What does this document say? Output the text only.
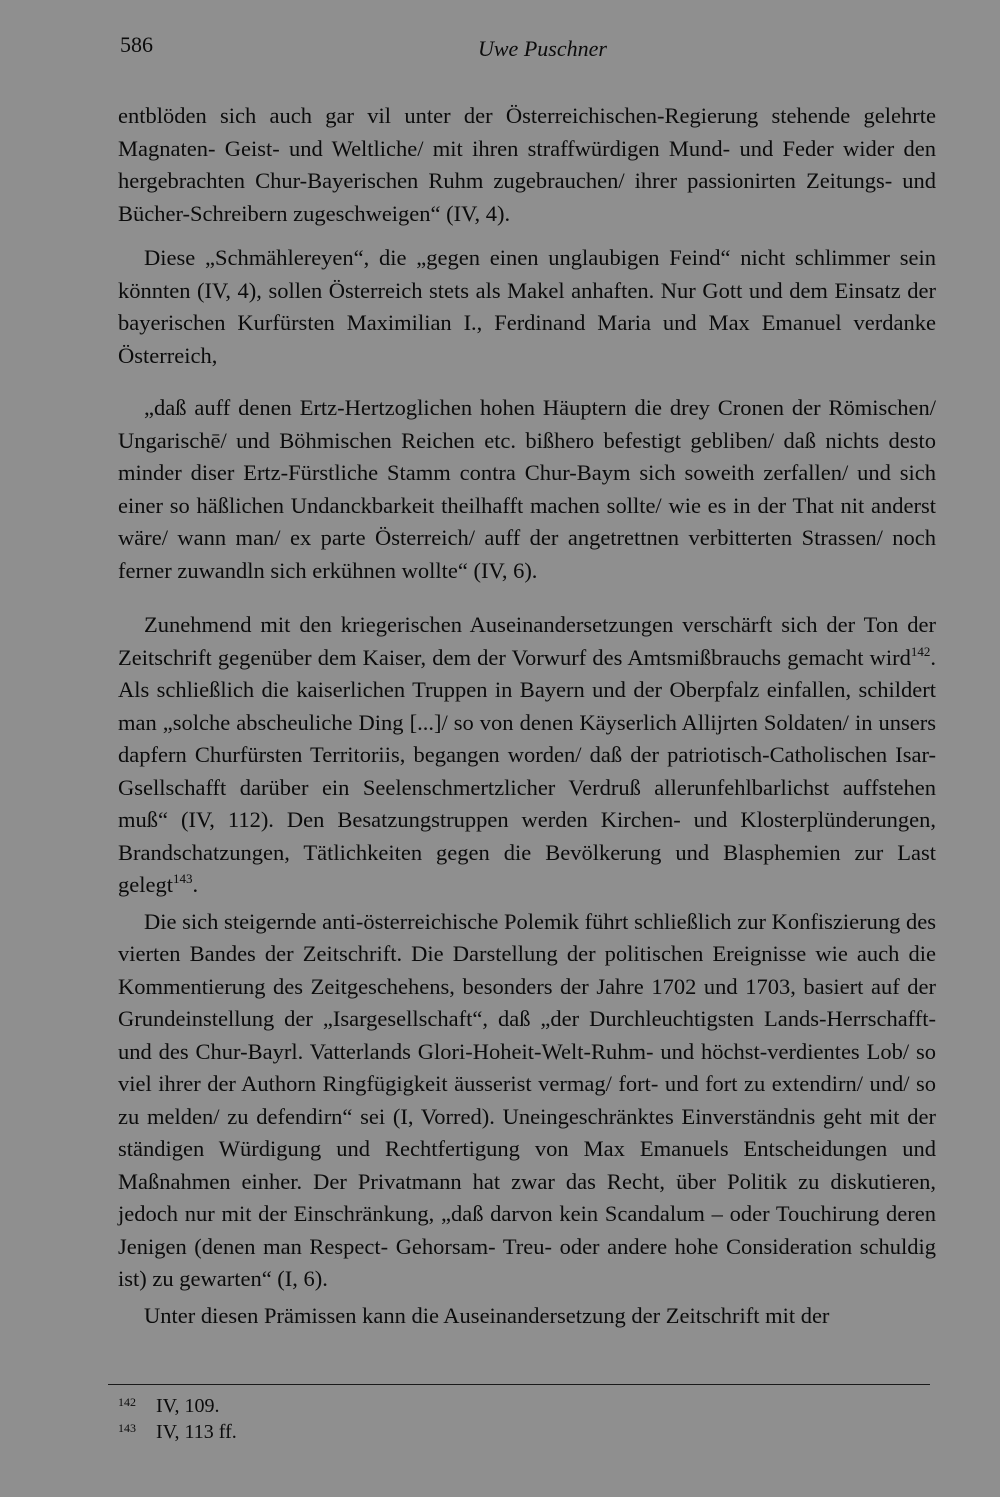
586	Uwe Puschner

entblöden sich auch gar vil unter der Österreichischen-Regierung stehende gelehrte Magnaten- Geist- und Weltliche/ mit ihren straffwürdigen Mund- und Feder wider den hergebrachten Chur-Bayerischen Ruhm zugebrauchen/ ihrer passionirten Zeitungs- und Bücher-Schreibern zugeschweigen“ (IV, 4).

Diese „Schmählereyen“, die „gegen einen unglaubigen Feind“ nicht schlimmer sein könnten (IV, 4), sollen Österreich stets als Makel anhaften. Nur Gott und dem Einsatz der bayerischen Kurfürsten Maximilian I., Ferdinand Maria und Max Emanuel verdanke Österreich,

„daß auff denen Ertz-Hertzoglichen hohen Häuptern die drey Cronen der Römischen/ Ungarischē/ und Böhmischen Reichen etc. bißhero befestigt gebliben/ daß nichts desto minder diser Ertz-Fürstliche Stamm contra Chur-Baym sich soweith zerfallen/ und sich einer so häßlichen Undanckbarkeit theilhafft machen sollte/ wie es in der That nit anderst wäre/ wann man/ ex parte Österreich/ auff der angetrettnen verbitterten Strassen/ noch ferner zuwandln sich erkühnen wollte“ (IV, 6).

Zunehmend mit den kriegerischen Auseinandersetzungen verschärft sich der Ton der Zeitschrift gegenüber dem Kaiser, dem der Vorwurf des Amtsmißbrauchs gemacht wird$^{142}$. Als schließlich die kaiserlichen Truppen in Bayern und der Oberpfalz einfallen, schildert man „solche abscheuliche Ding [...]/ so von denen Käyserlich Allijrten Soldaten/ in unsers dapfern Churfürsten Territoriis, begangen worden/ daß der patriotisch-Catholischen Isar-Gsellschafft darüber ein Seelenschmertzlicher Verdruß allerunfehlbarlichst auffstehen muß“ (IV, 112). Den Besatzungstruppen werden Kirchen- und Klosterplünderungen, Brandschatzungen, Tätlichkeiten gegen die Bevölkerung und Blasphemien zur Last gelegt$^{143}$.

Die sich steigernde anti-österreichische Polemik führt schließlich zur Konfiszierung des vierten Bandes der Zeitschrift. Die Darstellung der politischen Ereignisse wie auch die Kommentierung des Zeitgeschehens, besonders der Jahre 1702 und 1703, basiert auf der Grundeinstellung der „Isargesellschaft“, daß „der Durchleuchtigsten Lands-Herrschafft- und des Chur-Bayrl. Vatterlands Glori-Hoheit-Welt-Ruhm- und höchst-verdientes Lob/ so viel ihrer der Authorn Ringfügigkeit äusserist vermag/ fort- und fort zu extendirn/ und/ so zu melden/ zu defendirn“ sei (I, Vorred). Uneingeschränktes Einverständnis geht mit der ständigen Würdigung und Rechtfertigung von Max Emanuels Entscheidungen und Maßnahmen einher. Der Privatmann hat zwar das Recht, über Politik zu diskutieren, jedoch nur mit der Einschränkung, „daß darvon kein Scandalum – oder Touchirung deren Jenigen (denen man Respect- Gehorsam- Treu- oder andere hohe Consideration schuldig ist) zu gewarten“ (I, 6).

Unter diesen Prämissen kann die Auseinandersetzung der Zeitschrift mit der

142	IV, 109.
143	IV, 113 ff.
